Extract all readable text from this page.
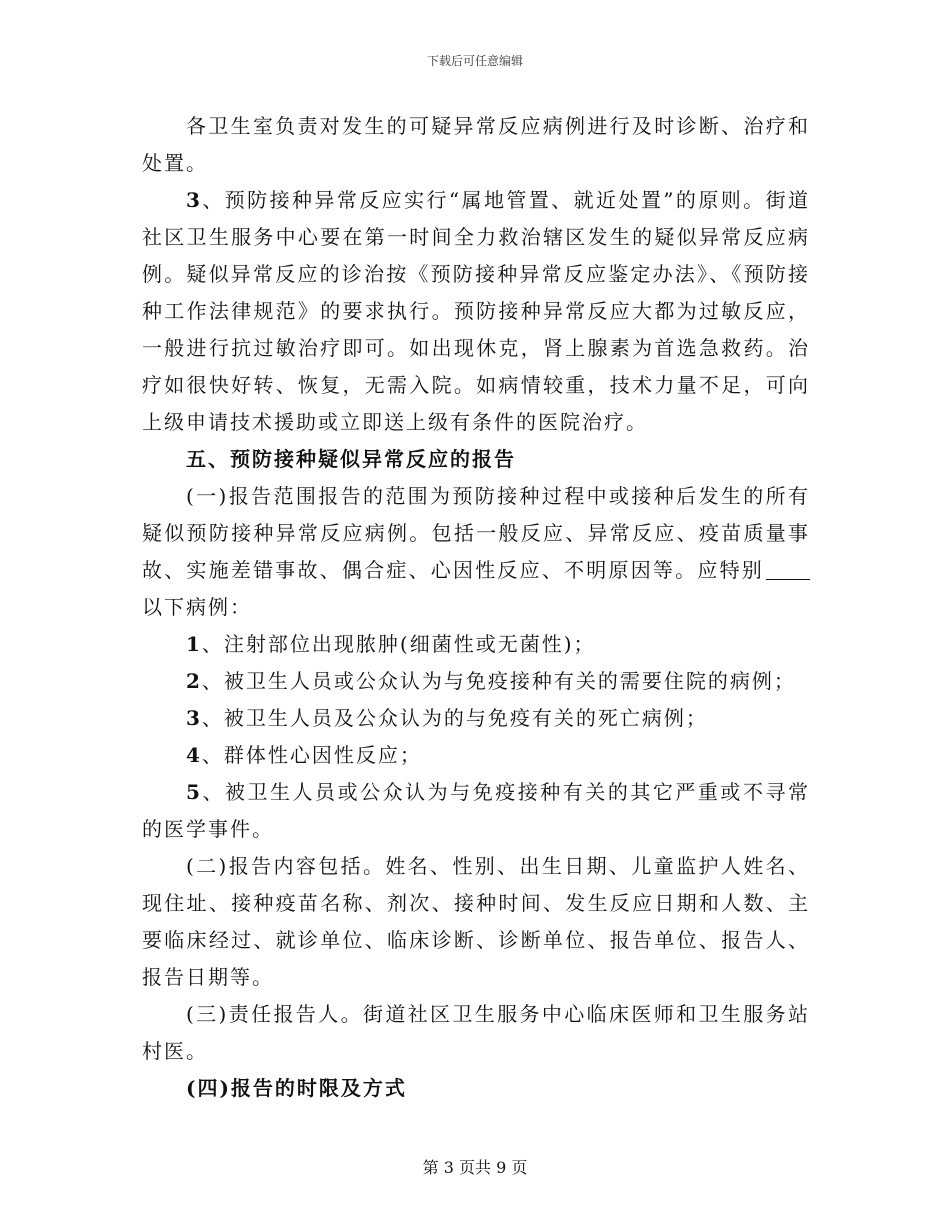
下载后可任意编辑

各卫生室负责对发生的可疑异常反应病例进行及时诊断、治疗和处置。

3、预防接种异常反应实行“属地管置、就近处置”的原则。街道社区卫生服务中心要在第一时间全力救治辖区发生的疑似异常反应病例。疑似异常反应的诊治按《预防接种异常反应鉴定办法》、《预防接种工作法律规范》的要求执行。预防接种异常反应大都为过敏反应，一般进行抗过敏治疗即可。如出现休克，肾上腺素为首选急救药。治疗如很快好转、恢复，无需入院。如病情较重，技术力量不足，可向上级申请技术援助或立即送上级有条件的医院治疗。

五、预防接种疑似异常反应的报告

(一)报告范围报告的范围为预防接种过程中或接种后发生的所有疑似预防接种异常反应病例。包括一般反应、异常反应、疫苗质量事故、实施差错事故、偶合症、心因性反应、不明原因等。应特别以下病例：

1、注射部位出现脓肿(细菌性或无菌性)；

2、被卫生人员或公众认为与免疫接种有关的需要住院的病例；

3、被卫生人员及公众认为的与免疫有关的死亡病例；

4、群体性心因性反应；

5、被卫生人员或公众认为与免疫接种有关的其它严重或不寻常的医学事件。

(二)报告内容包括。姓名、性别、出生日期、儿童监护人姓名、现住址、接种疫苗名称、剂次、接种时间、发生反应日期和人数、主要临床经过、就诊单位、临床诊断、诊断单位、报告单位、报告人、报告日期等。

(三)责任报告人。街道社区卫生服务中心临床医师和卫生服务站村医。

(四)报告的时限及方式

第 3 页共 9 页
